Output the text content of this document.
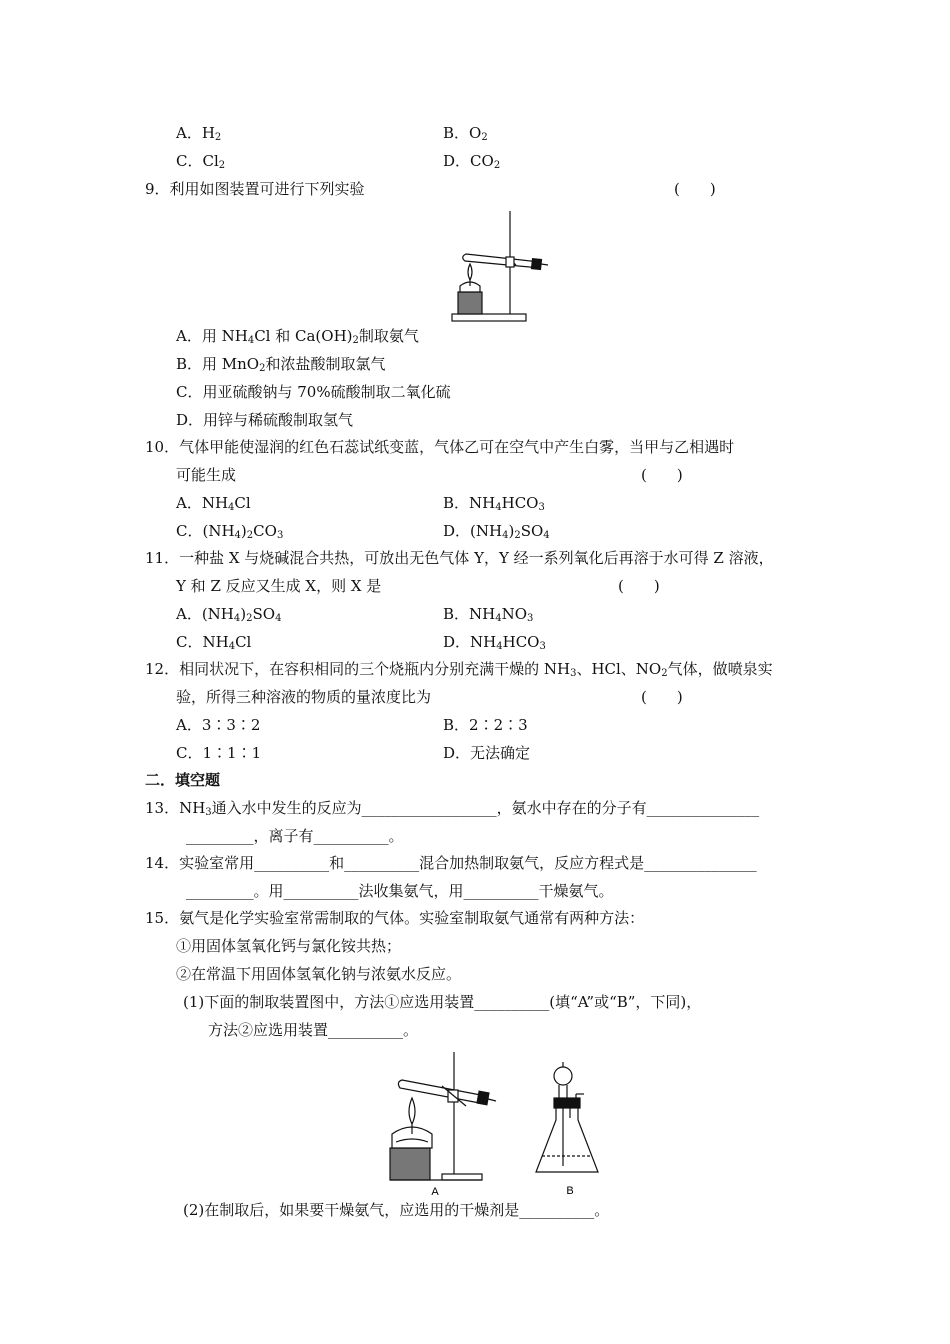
A．$H_2$	B．$O_2$
C．$Cl_2$	D．$CO_2$
9．利用如图装置可进行下列实验	(　　)
A．用 $NH_4Cl$ 和 $Ca(OH)_2$制取氨气
B．用 MnO$_2$和浓盐酸制取氯气
C．用亚硫酸钠与 70%硫酸制取二氧化硫
D．用锌与稀硫酸制取氢气
10．气体甲能使湿润的红色石蕊试纸变蓝，气体乙可在空气中产生白雾，当甲与乙相遇时
可能生成	(　　)
A．$NH_4Cl$	B．$NH_4HCO_3$
C．$(NH_4)_2CO_3$	D．$(NH_4)_2SO_4$
11．一种盐 X 与烧碱混合共热，可放出无色气体 Y，Y 经一系列氧化后再溶于水可得 Z 溶液，
Y 和 Z 反应又生成 X，则 X 是	(　　)
A．$(NH_4)_2SO_4$	B．$NH_4NO_3$
C．$NH_4Cl$	D．$NH_4HCO_3$
12．相同状况下，在容积相同的三个烧瓶内分别充满干燥的 $NH_3$、HCl、$NO_2$气体，做喷泉实
验，所得三种溶液的物质的量浓度比为	(　　)
A．3∶3∶2	B．2∶2∶3
C．1∶1∶1	D．无法确定
二．填空题
13．$NH_3$通入水中发生的反应为__________________，氨水中存在的分子有_______________
_________，离子有__________。
14．实验室常用__________和__________混合加热制取氨气，反应方程式是_______________
_________。用__________法收集氨气，用__________干燥氨气。
15．氨气是化学实验室常需制取的气体。实验室制取氨气通常有两种方法：
①用固体氢氧化钙与氯化铵共热；
②在常温下用固体氢氧化钠与浓氨水反应。
(1)下面的制取装置图中，方法①应选用装置__________(填“A”或“B”，下同)，
方法②应选用装置__________。
A	B
(2)在制取后，如果要干燥氨气，应选用的干燥剂是__________。
